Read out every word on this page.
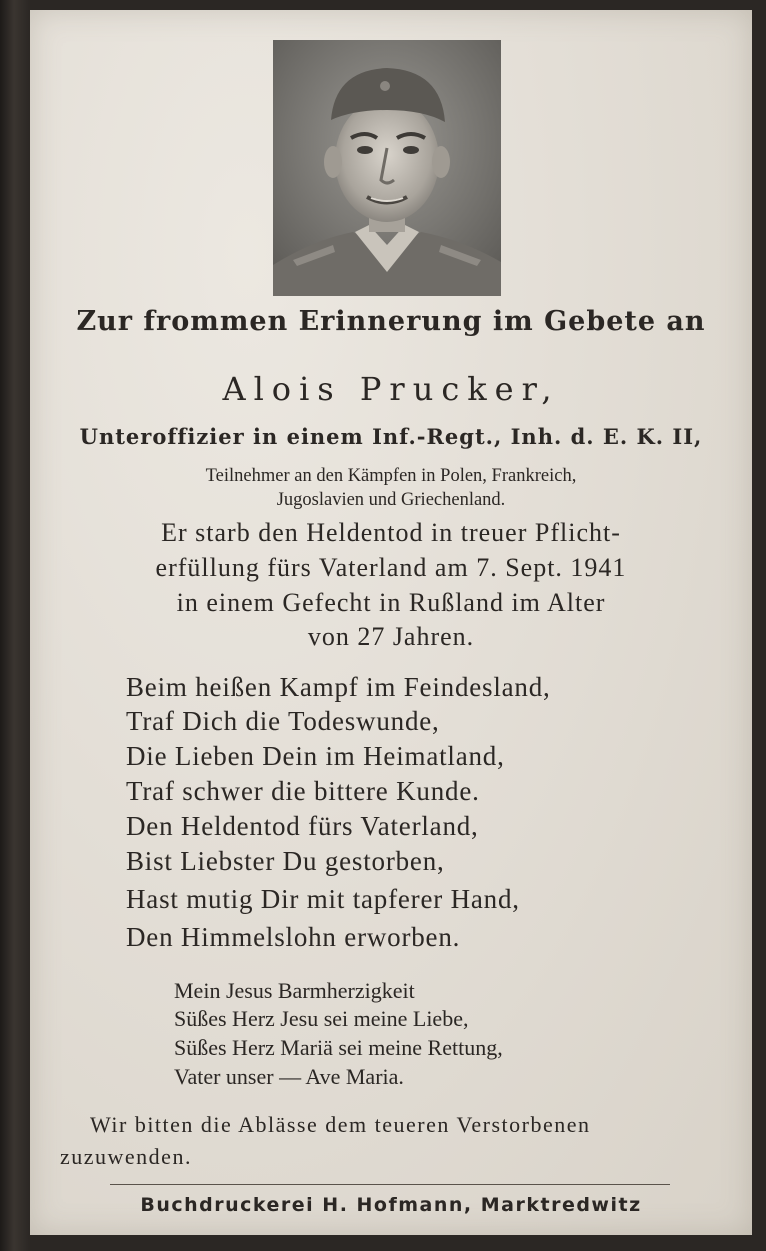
Zur frommen Erinnerung im Gebete an
Alois Prucker,
Unteroffizier in einem Inf.-Regt., Inh. d. E. K. II,
Teilnehmer an den Kämpfen in Polen, Frankreich,
Jugoslavien und Griechenland.
Er starb den Heldentod in treuer Pflicht-
erfüllung fürs Vaterland am 7. Sept. 1941
in einem Gefecht in Rußland im Alter
von 27 Jahren.
Beim heißen Kampf im Feindesland,
Traf Dich die Todeswunde,
Die Lieben Dein im Heimatland,
Traf schwer die bittere Kunde.
Den Heldentod fürs Vaterland,
Bist Liebster Du gestorben,
Hast mutig Dir mit tapferer Hand,
Den Himmelslohn erworben.
Mein Jesus Barmherzigkeit
Süßes Herz Jesu sei meine Liebe,
Süßes Herz Mariä sei meine Rettung,
Vater unser — Ave Maria.
Wir bitten die Ablässe dem teueren Verstorbenen
zuzuwenden.
Buchdruckerei H. Hofmann, Marktredwitz
